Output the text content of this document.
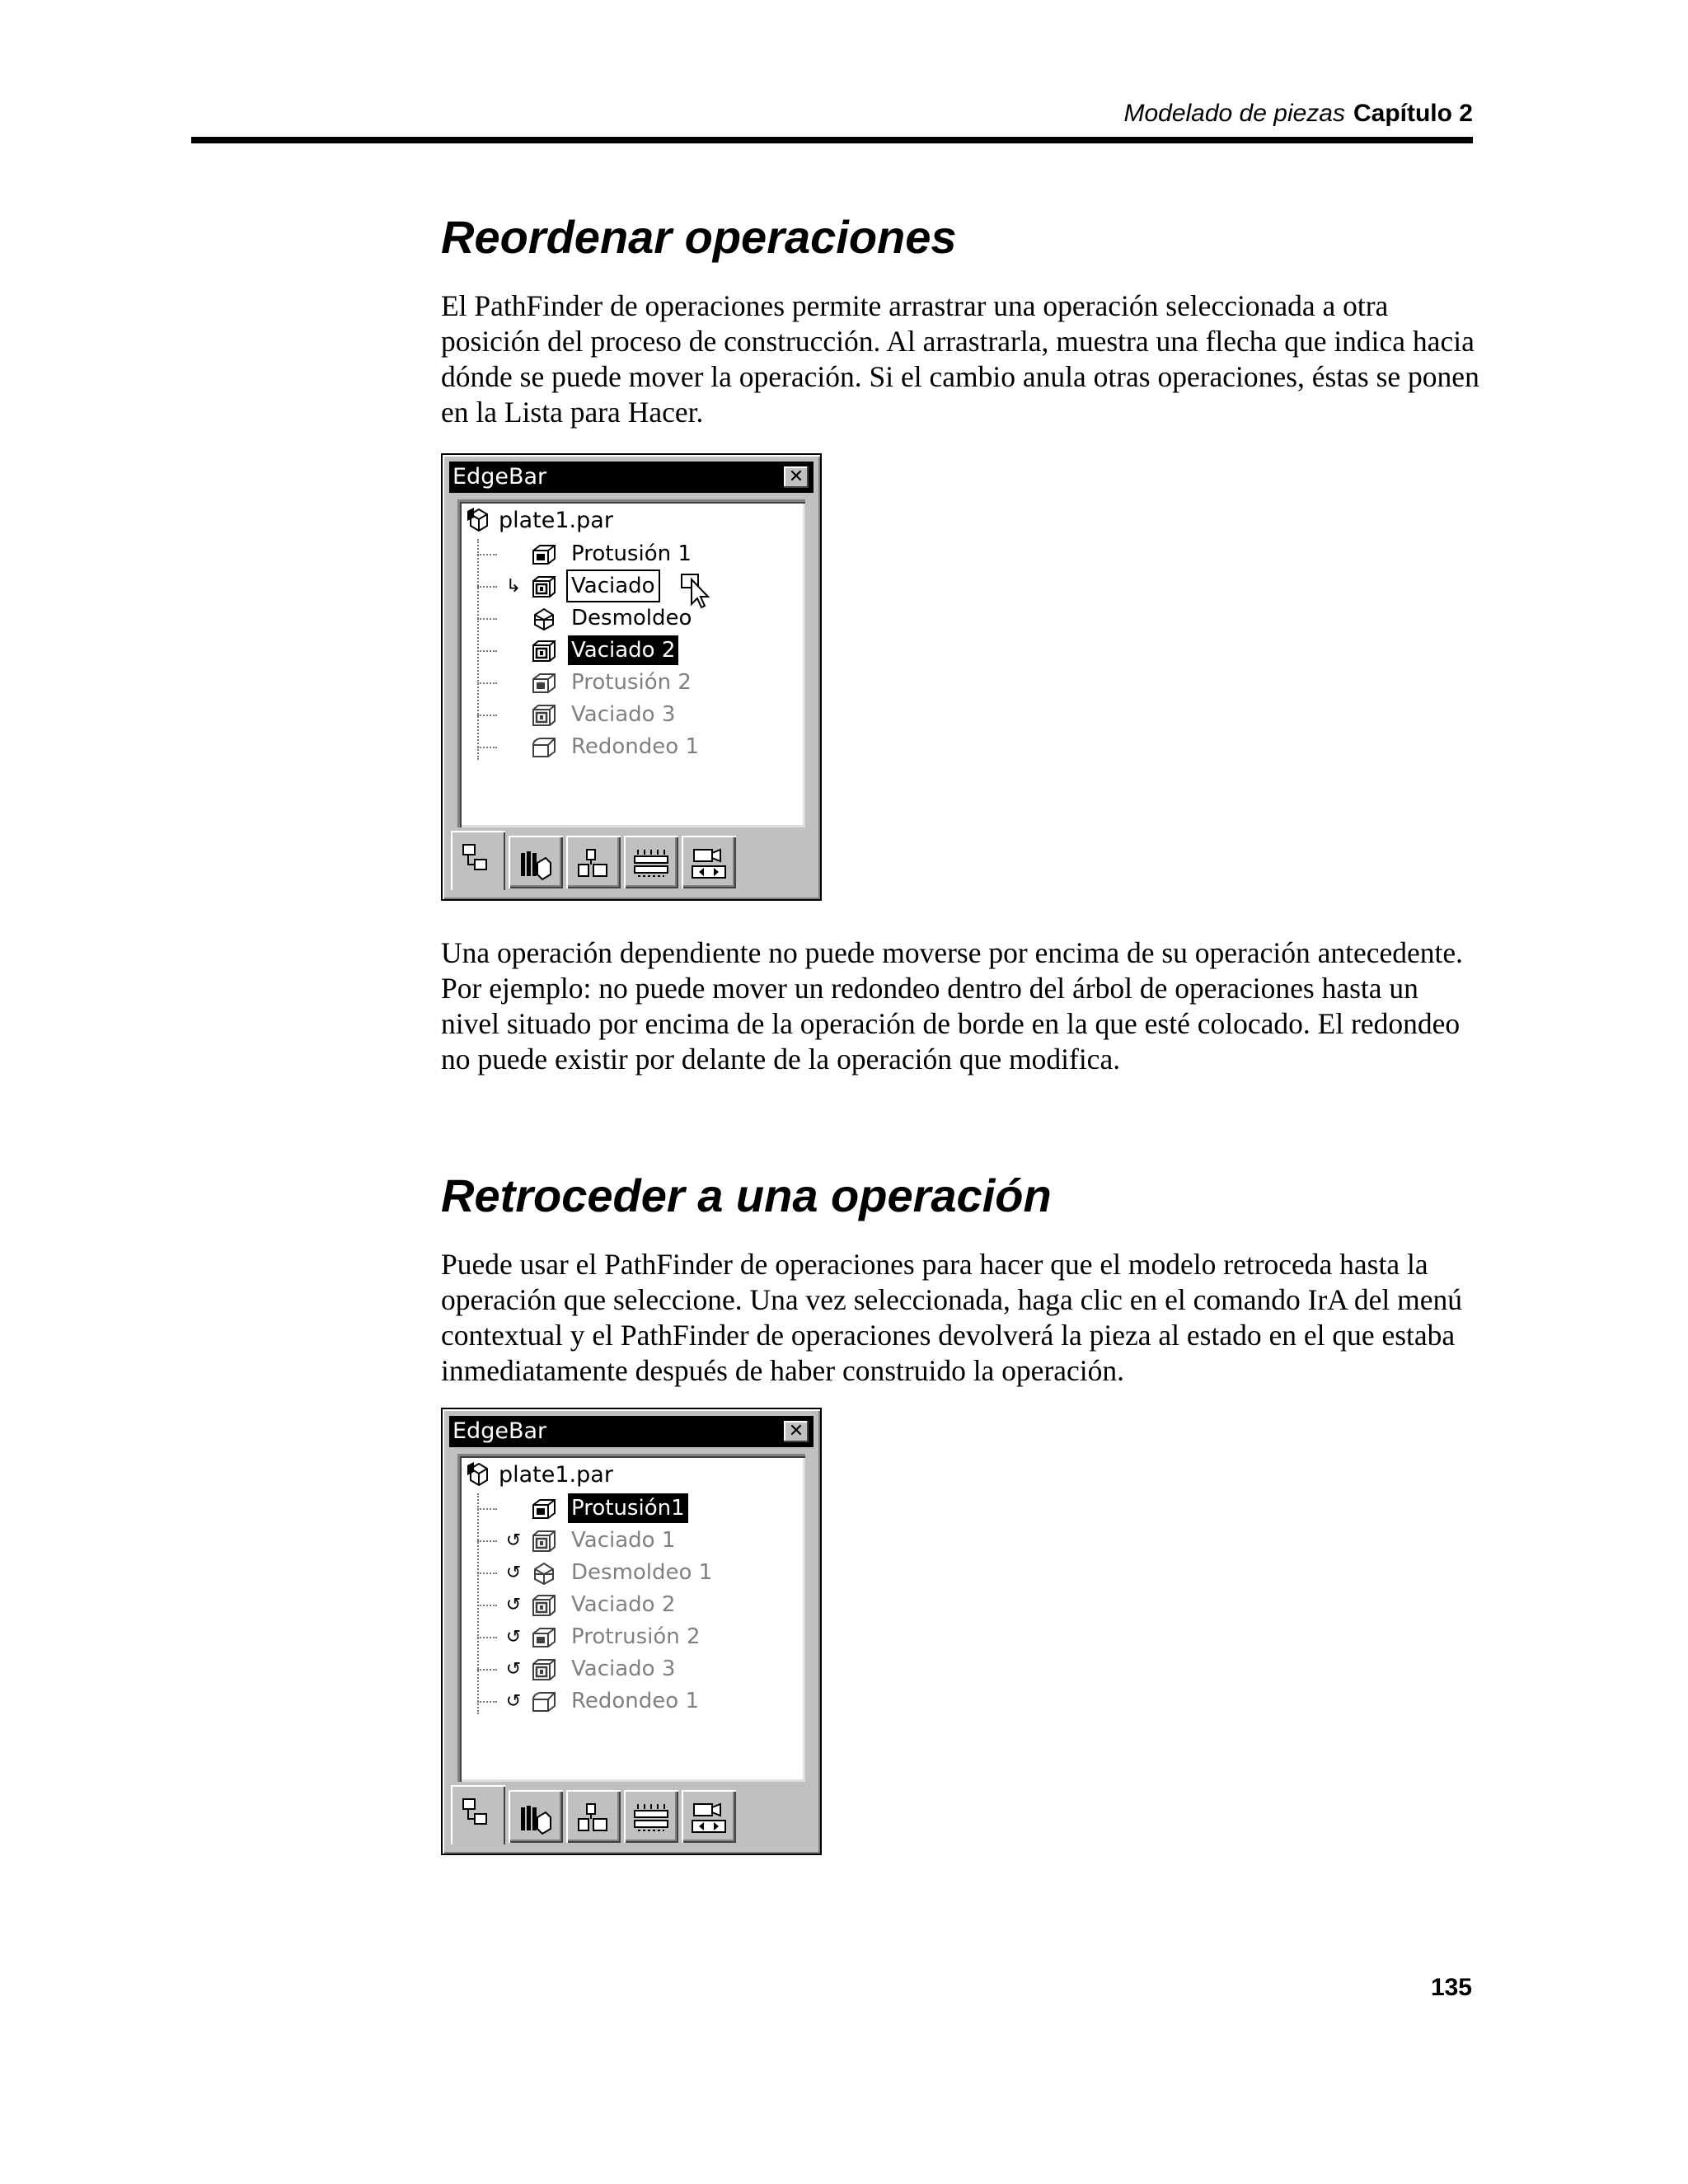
Modelado de piezas Capítulo 2
Reordenar operaciones

El PathFinder de operaciones permite arrastrar una operación seleccionada a otra posición del proceso de construcción. Al arrastrarla, muestra una flecha que indica hacia dónde se puede mover la operación. Si el cambio anula otras operaciones, éstas se ponen en la Lista para Hacer.

EdgeBar	✕
plate1.par
Protusión 1
↳ Vaciado
Desmoldeo
Vaciado 2
Protusión 2
Vaciado 3
Redondeo 1

Una operación dependiente no puede moverse por encima de su operación antecedente. Por ejemplo: no puede mover un redondeo dentro del árbol de operaciones hasta un nivel situado por encima de la operación de borde en la que esté colocado. El redondeo no puede existir por delante de la operación que modifica.

Retroceder a una operación

Puede usar el PathFinder de operaciones para hacer que el modelo retroceda hasta la operación que seleccione. Una vez seleccionada, haga clic en el comando IrA del menú contextual y el PathFinder de operaciones devolverá la pieza al estado en el que estaba inmediatamente después de haber construido la operación.

EdgeBar	✕
plate1.par
Protusión1
↺ Vaciado 1
↺ Desmoldeo 1
↺ Vaciado 2
↺ Protrusión 2
↺ Vaciado 3
↺ Redondeo 1
135
